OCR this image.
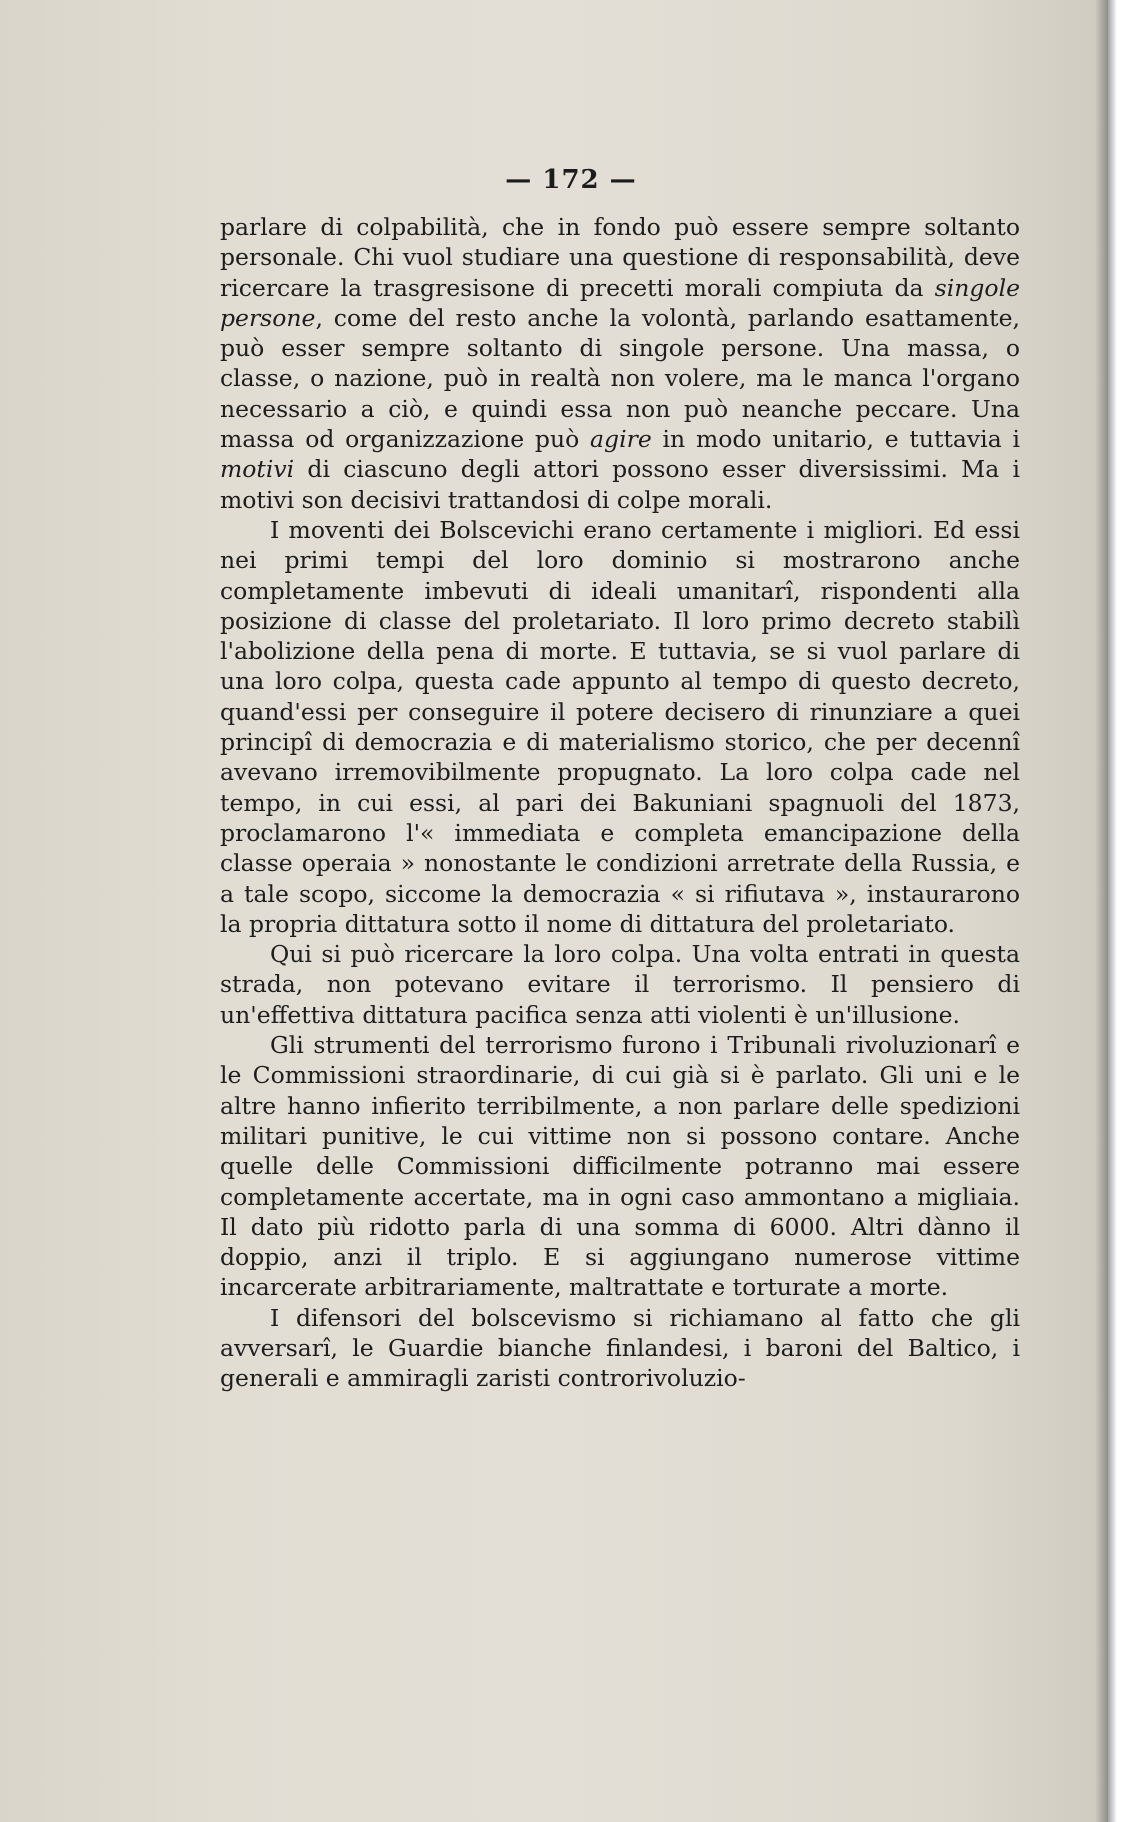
— 172 —

parlare di colpabilità, che in fondo può essere sempre soltanto personale. Chi vuol studiare una questione di responsabilità, deve ricercare la trasgresisone di precetti morali compiuta da singole persone, come del resto anche la volontà, parlando esattamente, può esser sempre soltanto di singole persone. Una massa, o classe, o nazione, può in realtà non volere, ma le manca l'organo necessario a ciò, e quindi essa non può neanche peccare. Una massa od organizzazione può agire in modo unitario, e tuttavia i motivi di ciascuno degli attori possono esser diversissimi. Ma i motivi son decisivi trattandosi di colpe morali.

I moventi dei Bolscevichi erano certamente i migliori. Ed essi nei primi tempi del loro dominio si mostrarono anche completamente imbevuti di ideali umanitarî, rispondenti alla posizione di classe del proletariato. Il loro primo decreto stabilì l'abolizione della pena di morte. E tuttavia, se si vuol parlare di una loro colpa, questa cade appunto al tempo di questo decreto, quand'essi per conseguire il potere decisero di rinunziare a quei principî di democrazia e di materialismo storico, che per decennî avevano irremovibilmente propugnato. La loro colpa cade nel tempo, in cui essi, al pari dei Bakuniani spagnuoli del 1873, proclamarono l'« immediata e completa emancipazione della classe operaia » nonostante le condizioni arretrate della Russia, e a tale scopo, siccome la democrazia « si rifiutava », instaurarono la propria dittatura sotto il nome di dittatura del proletariato.

Qui si può ricercare la loro colpa. Una volta entrati in questa strada, non potevano evitare il terrorismo. Il pensiero di un'effettiva dittatura pacifica senza atti violenti è un'illusione.

Gli strumenti del terrorismo furono i Tribunali rivoluzionarî e le Commissioni straordinarie, di cui già si è parlato. Gli uni e le altre hanno infierito terribilmente, a non parlare delle spedizioni militari punitive, le cui vittime non si possono contare. Anche quelle delle Commissioni difficilmente potranno mai essere completamente accertate, ma in ogni caso ammontano a migliaia. Il dato più ridotto parla di una somma di 6000. Altri dànno il doppio, anzi il triplo. E si aggiungano numerose vittime incarcerate arbitrariamente, maltrattate e torturate a morte.

I difensori del bolscevismo si richiamano al fatto che gli avversarî, le Guardie bianche finlandesi, i baroni del Baltico, i generali e ammiragli zaristi controrivoluzio-
